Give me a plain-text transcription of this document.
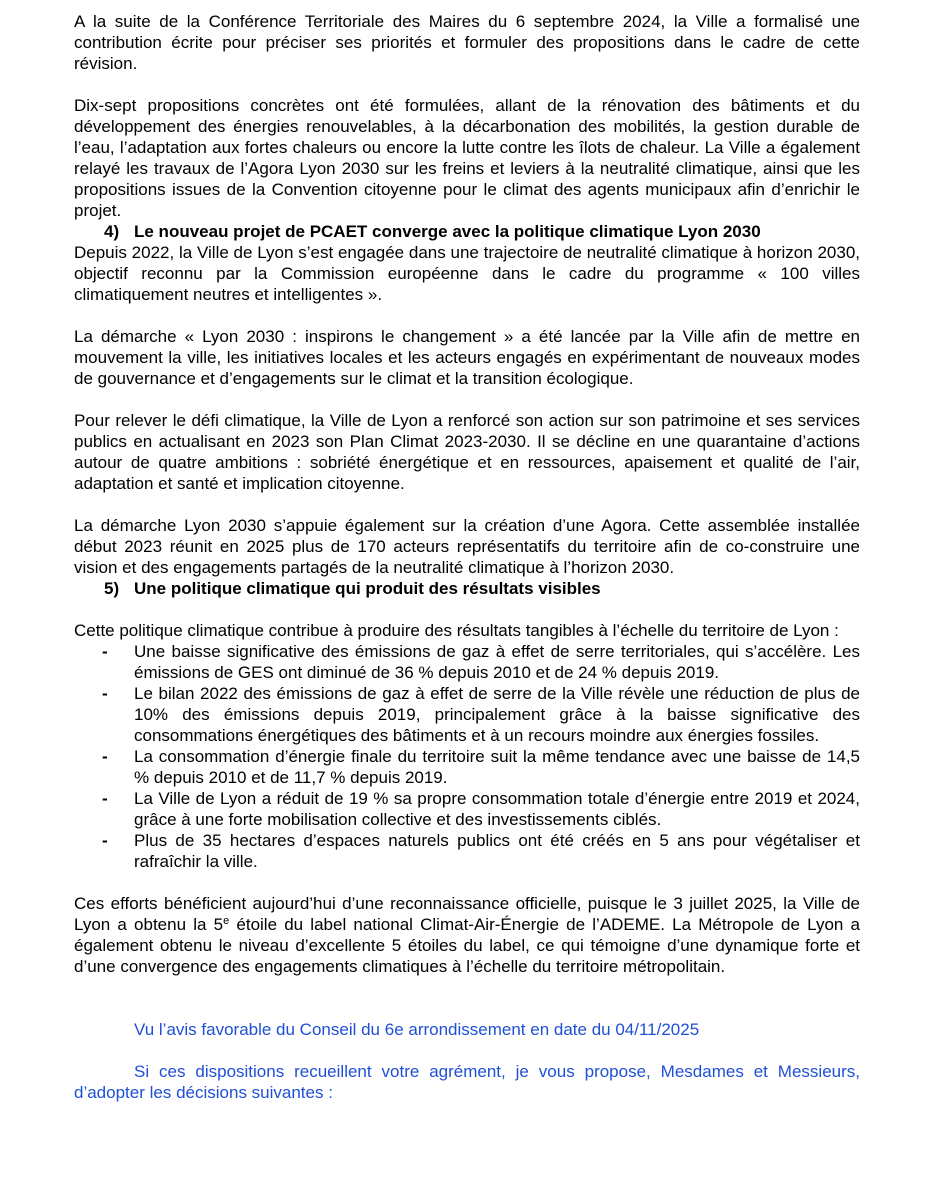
A la suite de la Conférence Territoriale des Maires du 6 septembre 2024, la Ville a formalisé une contribution écrite pour préciser ses priorités et formuler des propositions dans le cadre de cette révision.

Dix-sept propositions concrètes ont été formulées, allant de la rénovation des bâtiments et du développement des énergies renouvelables, à la décarbonation des mobilités, la gestion durable de l’eau, l’adaptation aux fortes chaleurs ou encore la lutte contre les îlots de chaleur. La Ville a également relayé les travaux de l’Agora Lyon 2030 sur les freins et leviers à la neutralité climatique, ainsi que les propositions issues de la Convention citoyenne pour le climat des agents municipaux afin d’enrichir le projet.

4) Le nouveau projet de PCAET converge avec la politique climatique Lyon 2030

Depuis 2022, la Ville de Lyon s’est engagée dans une trajectoire de neutralité climatique à horizon 2030, objectif reconnu par la Commission européenne dans le cadre du programme « 100 villes climatiquement neutres et intelligentes ».

La démarche « Lyon 2030 : inspirons le changement » a été lancée par la Ville afin de mettre en mouvement la ville, les initiatives locales et les acteurs engagés en expérimentant de nouveaux modes de gouvernance et d’engagements sur le climat et la transition écologique.

Pour relever le défi climatique, la Ville de Lyon a renforcé son action sur son patrimoine et ses services publics en actualisant en 2023 son Plan Climat 2023-2030. Il se décline en une quarantaine d’actions autour de quatre ambitions : sobriété énergétique et en ressources, apaisement et qualité de l’air, adaptation et santé et implication citoyenne.

La démarche Lyon 2030 s’appuie également sur la création d’une Agora. Cette assemblée installée début 2023 réunit en 2025 plus de 170 acteurs représentatifs du territoire afin de co-construire une vision et des engagements partagés de la neutralité climatique à l’horizon 2030.

5) Une politique climatique qui produit des résultats visibles

Cette politique climatique contribue à produire des résultats tangibles à l’échelle du territoire de Lyon :

- Une baisse significative des émissions de gaz à effet de serre territoriales, qui s’accélère. Les émissions de GES ont diminué de 36 % depuis 2010 et de 24 % depuis 2019.
- Le bilan 2022 des émissions de gaz à effet de serre de la Ville révèle une réduction de plus de 10% des émissions depuis 2019, principalement grâce à la baisse significative des consommations énergétiques des bâtiments et à un recours moindre aux énergies fossiles.
- La consommation d’énergie finale du territoire suit la même tendance avec une baisse de 14,5 % depuis 2010 et de 11,7 % depuis 2019.
- La Ville de Lyon a réduit de 19 % sa propre consommation totale d’énergie entre 2019 et 2024, grâce à une forte mobilisation collective et des investissements ciblés.
- Plus de 35 hectares d’espaces naturels publics ont été créés en 5 ans pour végétaliser et rafraîchir la ville.

Ces efforts bénéficient aujourd’hui d’une reconnaissance officielle, puisque le 3 juillet 2025, la Ville de Lyon a obtenu la 5e étoile du label national Climat-Air-Énergie de l’ADEME. La Métropole de Lyon a également obtenu le niveau d’excellente 5 étoiles du label, ce qui témoigne d’une dynamique forte et d’une convergence des engagements climatiques à l’échelle du territoire métropolitain.

Vu l’avis favorable du Conseil du 6e arrondissement en date du 04/11/2025

Si ces dispositions recueillent votre agrément, je vous propose, Mesdames et Messieurs, d’adopter les décisions suivantes :
